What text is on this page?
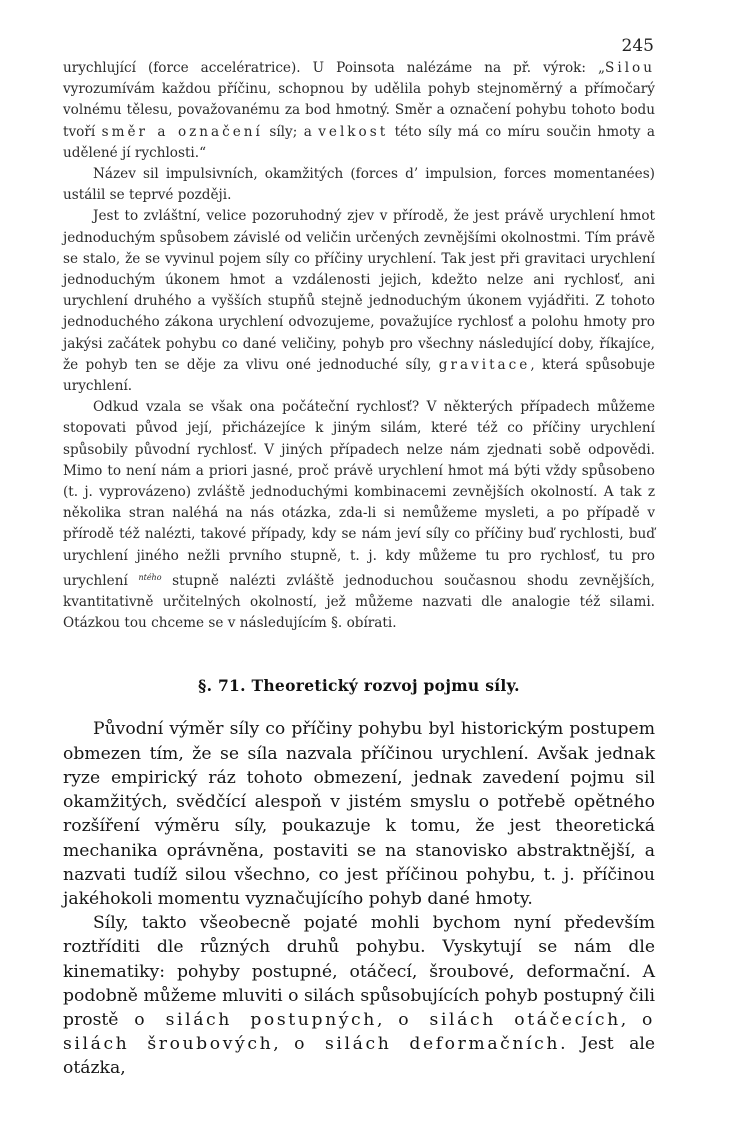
245

urychlující (force accelératrice). U Poinsota nalézáme na př. výrok: „Silou vyrozumívám každou příčinu, schopnou by udělila pohyb stejnoměrný a přímočarý volnému tělesu, považovanému za bod hmotný. Směr a označení pohybu tohoto bodu tvoří směr a označení síly; a velkost této síly má co míru součin hmoty a udělené jí rychlosti.“

Název sil impulsivních, okamžitých (forces d’ impulsion, forces momentanées) ustálil se teprvé později.

Jest to zvláštní, velice pozoruhodný zjev v přírodě, že jest právě urychlení hmot jednoduchým spůsobem závislé od veličin určených zevnějšími okolnostmi. Tím právě se stalo, že se vyvinul pojem síly co příčiny urychlení. Tak jest při gravitaci urychlení jednoduchým úkonem hmot a vzdálenosti jejich, kdežto nelze ani rychlosť, ani urychlení druhého a vyšších stupňů stejně jednoduchým úkonem vyjádřiti. Z tohoto jednoduchého zákona urychlení odvozujeme, považujíce rychlosť a polohu hmoty pro jakýsi začátek pohybu co dané veličiny, pohyb pro všechny následující doby, říkajíce, že pohyb ten se děje za vlivu oné jednoduché síly, gravitace, která spůsobuje urychlení.

Odkud vzala se však ona počáteční rychlosť? V některých případech můžeme stopovati původ její, přicházejíce k jiným silám, které též co příčiny urychlení spůsobily původní rychlosť. V jiných případech nelze nám zjednati sobě odpovědi. Mimo to není nám a priori jasné, proč právě urychlení hmot má býti vždy spůsobeno (t. j. vyprovázeno) zvláště jednoduchými kombinacemi zevnějších okolností. A tak z několika stran naléhá na nás otázka, zda-li si nemůžeme mysleti, a po případě v přírodě též nalézti, takové případy, kdy se nám jeví síly co příčiny buď rychlosti, buď urychlení jiného nežli prvního stupně, t. j. kdy můžeme tu pro rychlosť, tu pro urychlení $^{ntého}$ stupně nalézti zvláště jednoduchou současnou shodu zevnějších, kvantitativně určitelných okolností, jež můžeme nazvati dle analogie též silami. Otázkou tou chceme se v následujícím §. obírati.

§. 71. Theoretický rozvoj pojmu síly.

Původní výměr síly co příčiny pohybu byl historickým postupem obmezen tím, že se síla nazvala příčinou urychlení. Avšak jednak ryze empirický ráz tohoto obmezení, jednak zavedení pojmu sil okamžitých, svědčící alespoň v jistém smyslu o potřebě opětného rozšíření výměru síly, poukazuje k tomu, že jest theoretická mechanika oprávněna, postaviti se na stanovisko abstraktnější, a nazvati tudíž silou všechno, co jest příčinou pohybu, t. j. příčinou jakéhokoli momentu vyznačujícího pohyb dané hmoty.

Síly, takto všeobecně pojaté mohli bychom nyní především roztříditi dle různých druhů pohybu. Vyskytují se nám dle kinematiky: pohyby postupné, otáčecí, šroubové, deformační. A podobně můžeme mluviti o silách spůsobujících pohyb postupný čili prostě o silách postupných, o silách otáčecích, o silách šroubových, o silách deformačních. Jest ale otázka,
